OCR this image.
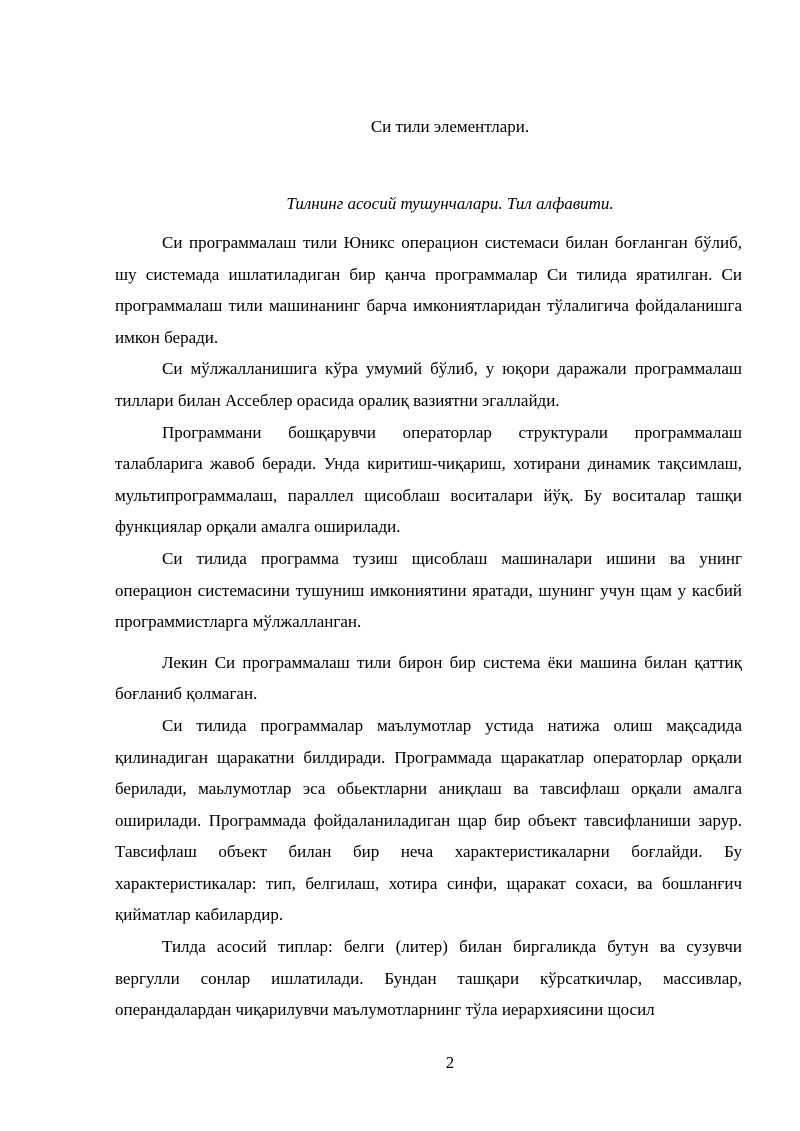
Си тили элементлари.
Тилнинг асосий тушунчалари. Тил алфавити.

Си программалаш тили Юникс операцион системаси билан боғланган бўлиб, шу системада ишлатиладиган бир қанча программалар Си тилида яратилган. Си программалаш тили машинанинг барча имкониятларидан тўлалигича фойдаланишга имкон беради.

Си мўлжалланишига кўра умумий бўлиб, у юқори даражали программалаш тиллари билан Ассеблер орасида оралиқ вазиятни эгаллайди.

Программани бошқарувчи операторлар структурали программалаш талабларига жавоб беради. Унда киритиш-чиқариш, хотирани динамик тақсимлаш, мультипрограммалаш, параллел щисоблаш воситалари йўқ. Бу воситалар ташқи функциялар орқали амалга оширилади.

Си тилида программа тузиш щисоблаш машиналари ишини ва унинг операцион системасини тушуниш имкониятини яратади, шунинг учун щам у касбий программистларга мўлжалланган.

Лекин Си программалаш тили бирон бир система ёки машина билан қаттиқ боғланиб қолмаган.

Си тилида программалар маълумотлар устида натижа олиш мақсадида қилинадиган щаракатни билдиради. Программада щаракатлар операторлар орқали берилади, маьлумотлар эса обьектларни аниқлаш ва тавсифлаш орқали амалга оширилади. Программада фойдаланиладиган щар бир объект тавсифланиши зарур. Тавсифлаш объект билан бир неча характеристикаларни боғлайди. Бу характеристикалар: тип, белгилаш, хотира синфи, щаракат сохаси, ва бошланғич қийматлар кабилардир.

Тилда асосий типлар: белги (литер) билан биргаликда бутун ва сузувчи вергулли сонлар ишлатилади. Бундан ташқари кўрсаткичлар, массивлар, операндалардан чиқарилувчи маълумотларнинг тўла иерархиясини щосил

2
